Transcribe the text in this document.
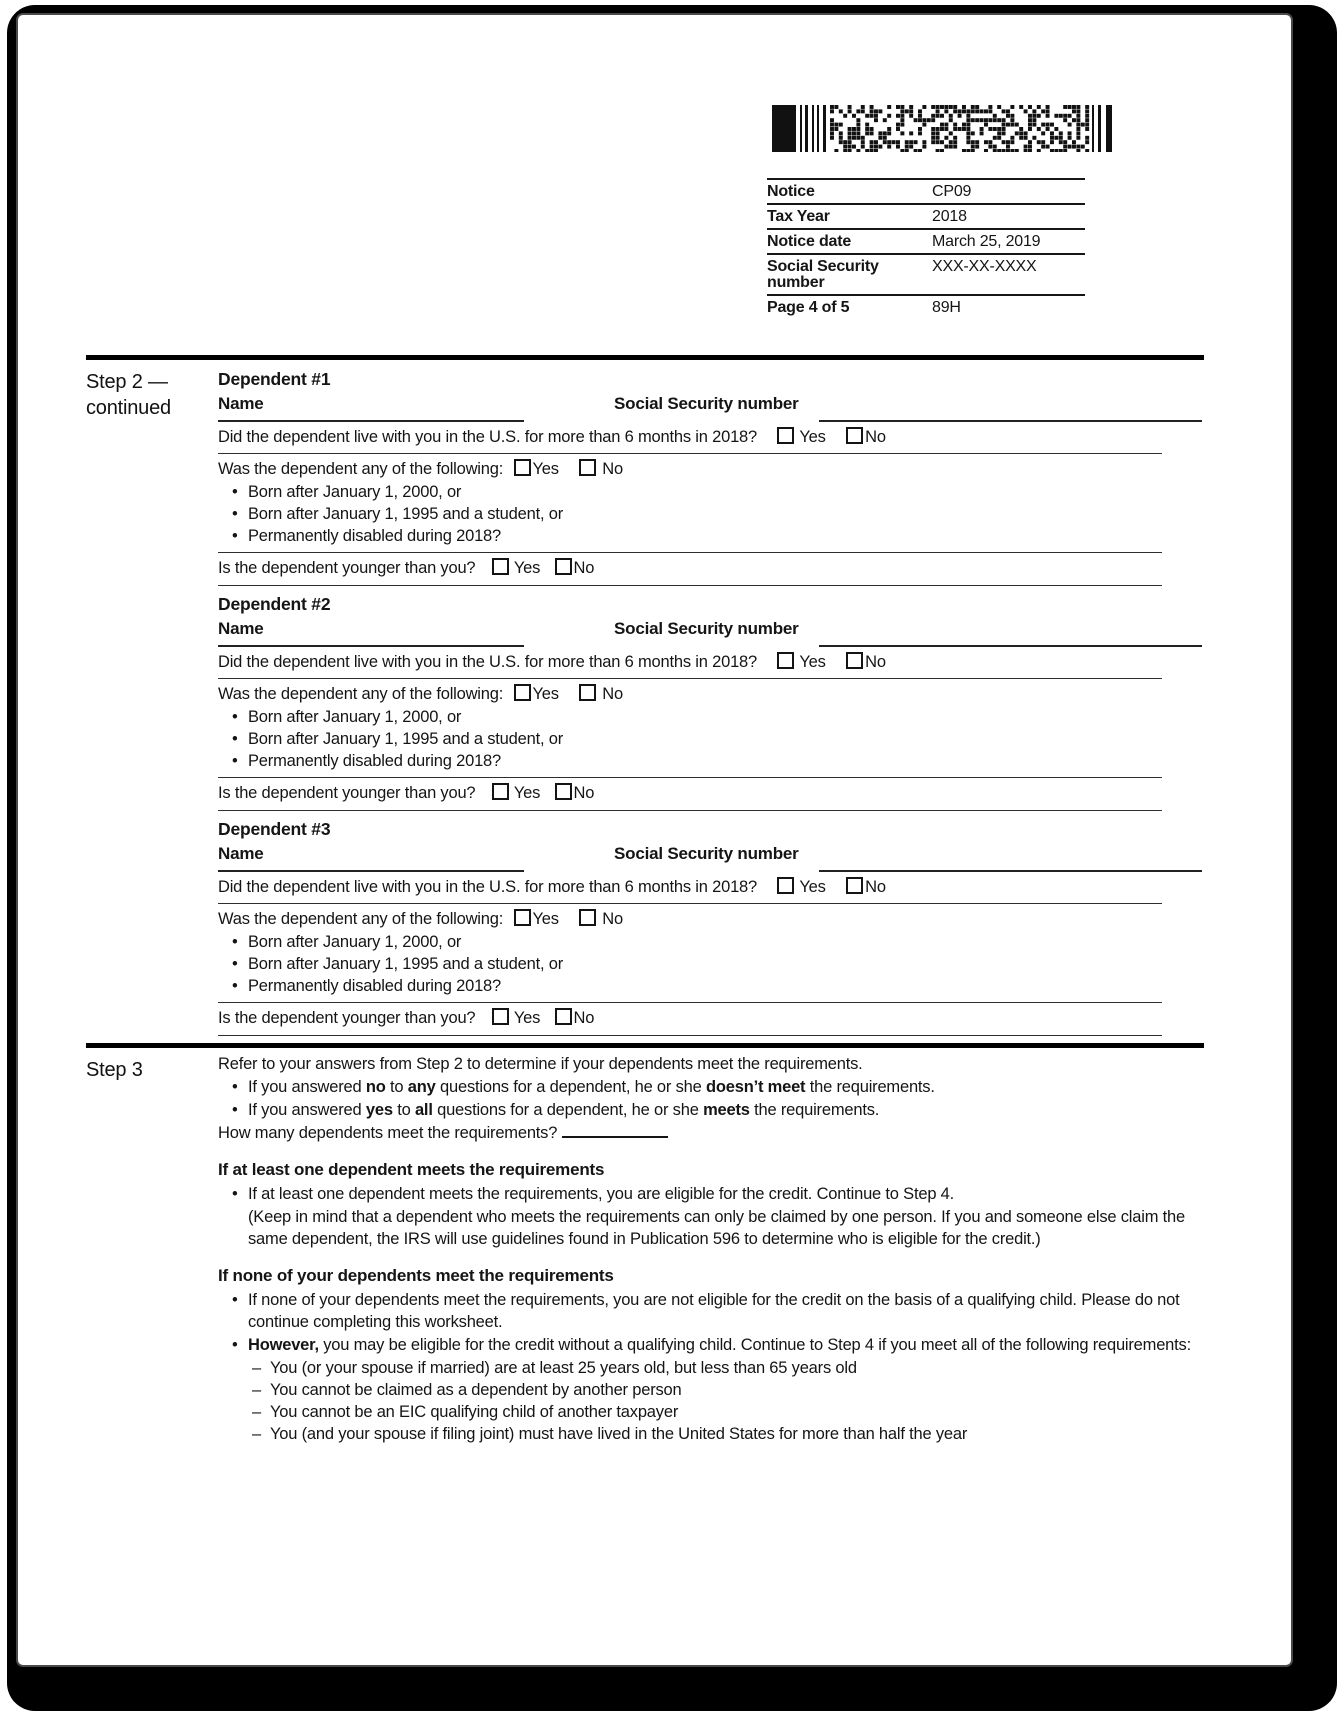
Notice	CP09
Tax Year	2018
Notice date	March 25, 2019
Social Security number
XXX-XX-XXXX
Page 4 of 5	89H
Step 2 —
continued
Dependent #1
Name	Social Security number
Did the dependent live with you in the U.S. for more than 6 months in 2018?	Yes No
Was the dependent any of the following: Yes	No
• Born after January 1, 2000, or
• Born after January 1, 1995 and a student, or
• Permanently disabled during 2018?
Is the dependent younger than you? Yes No
Dependent #2
Name	Social Security number
Did the dependent live with you in the U.S. for more than 6 months in 2018?	Yes No
Was the dependent any of the following: Yes	No
• Born after January 1, 2000, or
• Born after January 1, 1995 and a student, or
• Permanently disabled during 2018?
Is the dependent younger than you? Yes No
Dependent #3
Name	Social Security number
Did the dependent live with you in the U.S. for more than 6 months in 2018?	Yes No
Was the dependent any of the following: Yes	No
• Born after January 1, 2000, or
• Born after January 1, 1995 and a student, or
• Permanently disabled during 2018?
Is the dependent younger than you? Yes No
Step 3	Refer to your answers from Step 2 to determine if your dependents meet the requirements.
• If you answered no to any questions for a dependent, he or she doesn’t meet the requirements.
• If you answered yes to all questions for a dependent, he or she meets the requirements.
How many dependents meet the requirements?
If at least one dependent meets the requirements
• If at least one dependent meets the requirements, you are eligible for the credit. Continue to Step 4.
(Keep in mind that a dependent who meets the requirements can only be claimed by one person. If you and someone else claim the same dependent, the IRS will use guidelines found in Publication 596 to determine who is eligible for the credit.)
If none of your dependents meet the requirements
• If none of your dependents meet the requirements, you are not eligible for the credit on the basis of a qualifying child. Please do not continue completing this worksheet.
• However, you may be eligible for the credit without a qualifying child. Continue to Step 4 if you meet all of the following requirements:
– You (or your spouse if married) are at least 25 years old, but less than 65 years old
– You cannot be claimed as a dependent by another person
– You cannot be an EIC qualifying child of another taxpayer
– You (and your spouse if filing joint) must have lived in the United States for more than half the year
